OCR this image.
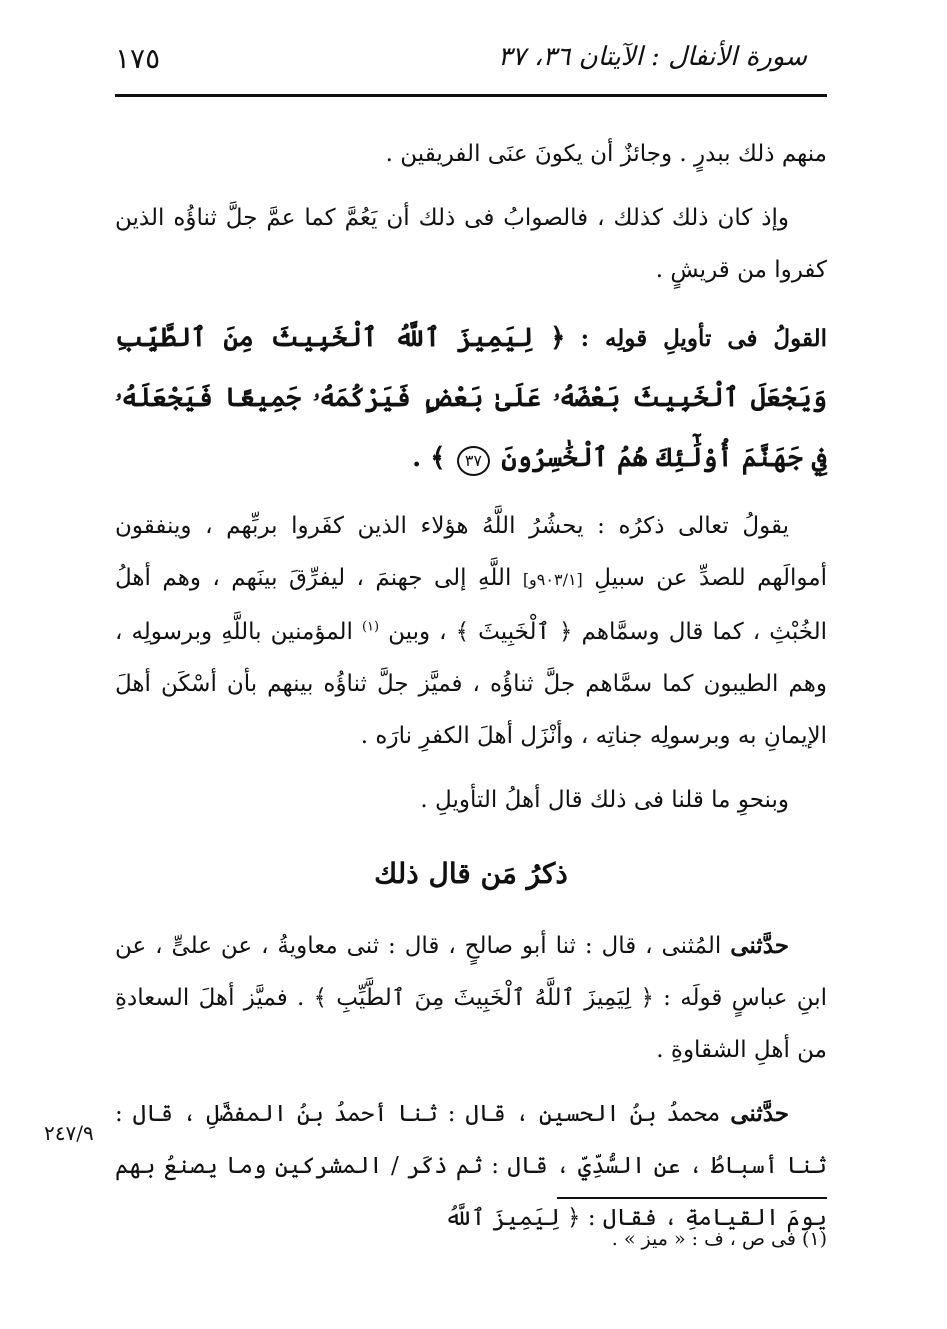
١٧٥	سورة الأنفال : الآيتان ٣٦، ٣٧

منهم ذلك ببدرٍ . وجائزٌ أن يكونَ عنَى الفريقين .

وإذ كان ذلك كذلك ، فالصوابُ فى ذلك أن يَعُمَّ كما عمَّ جلَّ ثناؤُه الذين كفروا من قريشٍ .

القولُ فى تأويلِ قولِه : ﴿ لِيَمِيزَ ٱللَّهُ ٱلْخَبِيثَ مِنَ ٱلطَّيِّبِ وَيَجْعَلَ ٱلْخَبِيثَ بَعْضَهُۥ عَلَىٰ بَعْضٍ فَيَرْكُمَهُۥ جَمِيعًا فَيَجْعَلَهُۥ فِي جَهَنَّمَ أُوْلَٰٓئِكَ هُمُ ٱلْخَٰسِرُونَ ٣٧ ﴾ .

يقولُ تعالى ذكرُه : يحشُرُ اللَّهُ هؤلاء الذين كفَروا بربِّهم ، وينفقون أموالَهم للصدِّ عن سبيلِ [٩٠٣/١و] اللَّهِ إلى جهنمَ ، ليفرِّقَ بينَهم ، وهم أهلُ الخُبْثِ ، كما قال وسمَّاهم ﴿ ٱلْخَبِيثَ ﴾ ، وبين $^{(١)}$ المؤمنين باللَّهِ وبرسولِه ، وهم الطيبون كما سمَّاهم جلَّ ثناؤُه ، فميَّز جلَّ ثناؤُه بينهم بأن أسْكَن أهلَ الإيمانِ به وبرسولِه جناتِه ، وأنْزَل أهلَ الكفرِ نارَه .

وبنحوِ ما قلنا فى ذلك قال أهلُ التأويلِ .

ذكرُ مَن قال ذلك

حدَّثنى المُثنى ، قال : ثنا أبو صالحٍ ، قال : ثنى معاويةُ ، عن علىٍّ ، عن ابنِ عباسٍ قولَه : ﴿ لِيَمِيزَ ٱللَّهُ ٱلْخَبِيثَ مِنَ ٱلطَّيِّبِ ﴾ . فميَّز أهلَ السعادةِ من أهلِ الشقاوةِ .

حدَّثنى محمدُ بنُ الحسينِ ، قال : ثنا أحمدُ بنُ المفضَّلِ ، قال : ثنا أسباطُ ، عن السُّدِّيِّ ، قال : ثم ذكَر / المشركين وما يصنعُ بهم يومَ القيامةِ ، فقال : ﴿ لِيَمِيزَ ٱللَّهُ

٢٤٧/٩
(١) فى ص ، ف : « ميز » .
